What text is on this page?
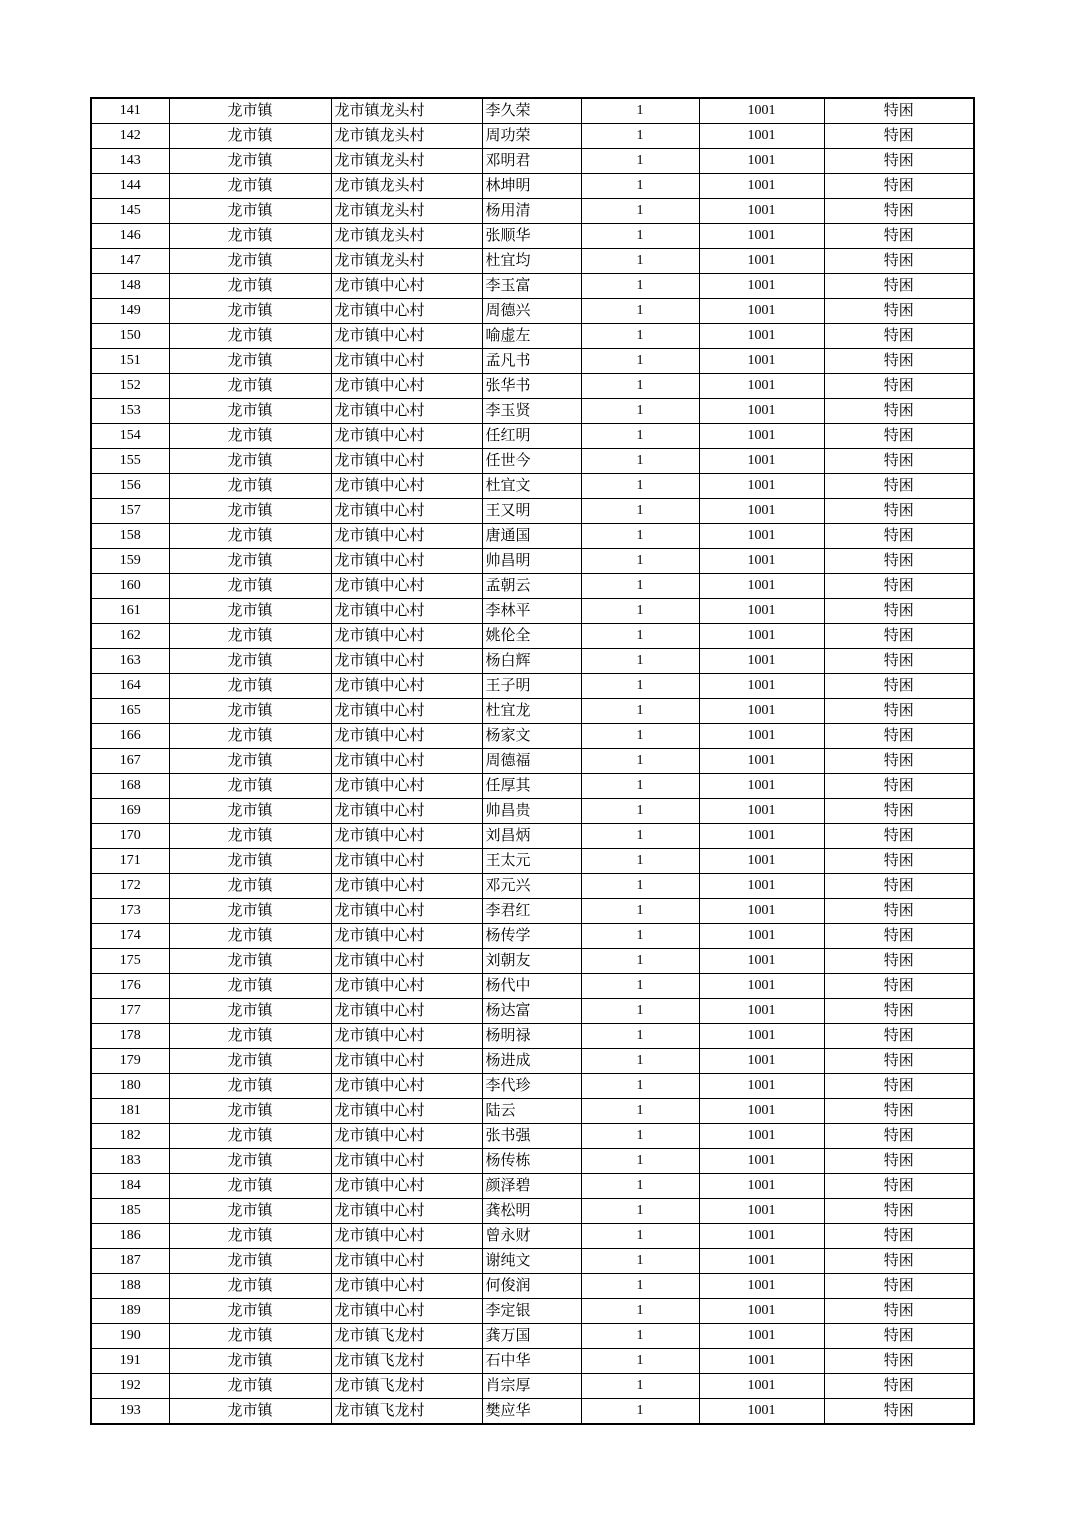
141	龙市镇	龙市镇龙头村	李久荣	1	1001	特困
142	龙市镇	龙市镇龙头村	周功荣	1	1001	特困
143	龙市镇	龙市镇龙头村	邓明君	1	1001	特困
144	龙市镇	龙市镇龙头村	林坤明	1	1001	特困
145	龙市镇	龙市镇龙头村	杨用清	1	1001	特困
146	龙市镇	龙市镇龙头村	张顺华	1	1001	特困
147	龙市镇	龙市镇龙头村	杜宜均	1	1001	特困
148	龙市镇	龙市镇中心村	李玉富	1	1001	特困
149	龙市镇	龙市镇中心村	周德兴	1	1001	特困
150	龙市镇	龙市镇中心村	喻虚左	1	1001	特困
151	龙市镇	龙市镇中心村	孟凡书	1	1001	特困
152	龙市镇	龙市镇中心村	张华书	1	1001	特困
153	龙市镇	龙市镇中心村	李玉贤	1	1001	特困
154	龙市镇	龙市镇中心村	任红明	1	1001	特困
155	龙市镇	龙市镇中心村	任世今	1	1001	特困
156	龙市镇	龙市镇中心村	杜宜文	1	1001	特困
157	龙市镇	龙市镇中心村	王又明	1	1001	特困
158	龙市镇	龙市镇中心村	唐通国	1	1001	特困
159	龙市镇	龙市镇中心村	帅昌明	1	1001	特困
160	龙市镇	龙市镇中心村	孟朝云	1	1001	特困
161	龙市镇	龙市镇中心村	李林平	1	1001	特困
162	龙市镇	龙市镇中心村	姚伦全	1	1001	特困
163	龙市镇	龙市镇中心村	杨白辉	1	1001	特困
164	龙市镇	龙市镇中心村	王子明	1	1001	特困
165	龙市镇	龙市镇中心村	杜宜龙	1	1001	特困
166	龙市镇	龙市镇中心村	杨家文	1	1001	特困
167	龙市镇	龙市镇中心村	周德福	1	1001	特困
168	龙市镇	龙市镇中心村	任厚其	1	1001	特困
169	龙市镇	龙市镇中心村	帅昌贵	1	1001	特困
170	龙市镇	龙市镇中心村	刘昌炳	1	1001	特困
171	龙市镇	龙市镇中心村	王太元	1	1001	特困
172	龙市镇	龙市镇中心村	邓元兴	1	1001	特困
173	龙市镇	龙市镇中心村	李君红	1	1001	特困
174	龙市镇	龙市镇中心村	杨传学	1	1001	特困
175	龙市镇	龙市镇中心村	刘朝友	1	1001	特困
176	龙市镇	龙市镇中心村	杨代中	1	1001	特困
177	龙市镇	龙市镇中心村	杨达富	1	1001	特困
178	龙市镇	龙市镇中心村	杨明禄	1	1001	特困
179	龙市镇	龙市镇中心村	杨进成	1	1001	特困
180	龙市镇	龙市镇中心村	李代珍	1	1001	特困
181	龙市镇	龙市镇中心村	陆云	1	1001	特困
182	龙市镇	龙市镇中心村	张书强	1	1001	特困
183	龙市镇	龙市镇中心村	杨传栋	1	1001	特困
184	龙市镇	龙市镇中心村	颜泽碧	1	1001	特困
185	龙市镇	龙市镇中心村	龚松明	1	1001	特困
186	龙市镇	龙市镇中心村	曾永财	1	1001	特困
187	龙市镇	龙市镇中心村	谢纯文	1	1001	特困
188	龙市镇	龙市镇中心村	何俊润	1	1001	特困
189	龙市镇	龙市镇中心村	李定银	1	1001	特困
190	龙市镇	龙市镇飞龙村	龚万国	1	1001	特困
191	龙市镇	龙市镇飞龙村	石中华	1	1001	特困
192	龙市镇	龙市镇飞龙村	肖宗厚	1	1001	特困
193	龙市镇	龙市镇飞龙村	樊应华	1	1001	特困
